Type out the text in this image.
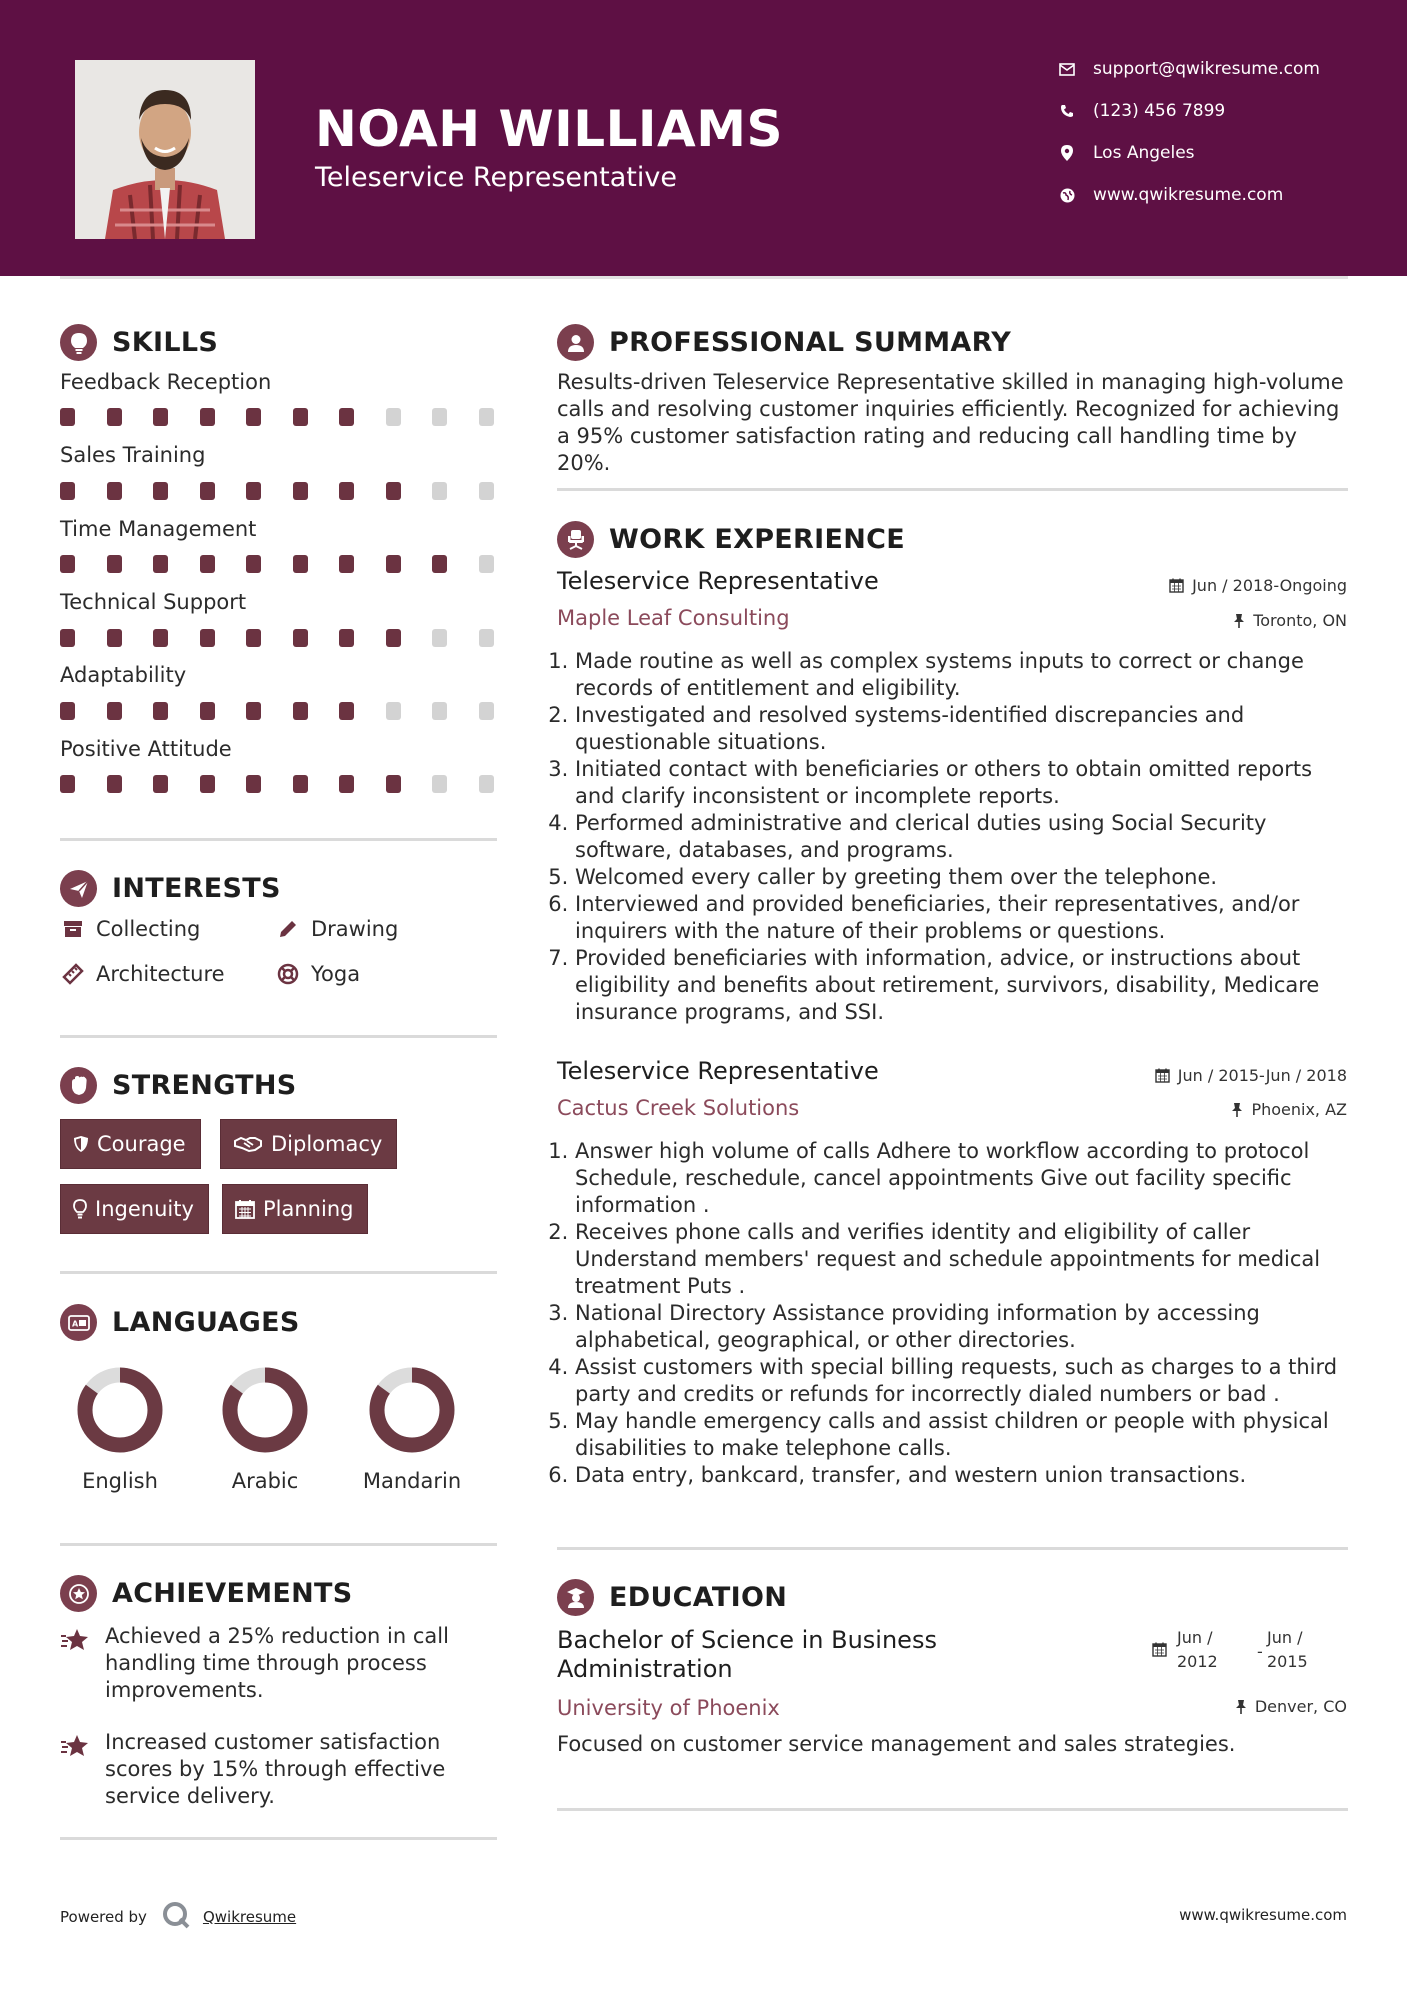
NOAH WILLIAMS
Teleservice Representative
support@qwikresume.com
(123) 456 7899
Los Angeles
www.qwikresume.com
SKILLS
Feedback Reception
Sales Training
Time Management
Technical Support
Adaptability
Positive Attitude
INTERESTS
Collecting	Drawing
Architecture	Yoga
STRENGTHS
Courage	Diplomacy
Ingenuity	Planning
A LANGUAGES
English	Arabic	Mandarin
ACHIEVEMENTS
Achieved a 25% reduction in call handling time through process improvements.
Increased customer satisfaction scores by 15% through effective service delivery.
PROFESSIONAL SUMMARY
Results-driven Teleservice Representative skilled in managing high-volume calls and resolving customer inquiries efficiently. Recognized for achieving a 95% customer satisfaction rating and reducing call handling time by 20%.
WORK EXPERIENCE
Teleservice Representative	Jun / 2018-Ongoing
Maple Leaf Consulting	Toronto, ON
1. Made routine as well as complex systems inputs to correct or change records of entitlement and eligibility.
2. Investigated and resolved systems-identified discrepancies and questionable situations.
3. Initiated contact with beneficiaries or others to obtain omitted reports and clarify inconsistent or incomplete reports.
4. Performed administrative and clerical duties using Social Security software, databases, and programs.
5. Welcomed every caller by greeting them over the telephone.
6. Interviewed and provided beneficiaries, their representatives, and/or inquirers with the nature of their problems or questions.
7. Provided beneficiaries with information, advice, or instructions about eligibility and benefits about retirement, survivors, disability, Medicare insurance programs, and SSI.
Teleservice Representative	Jun / 2015-Jun / 2018
Cactus Creek Solutions	Phoenix, AZ
1. Answer high volume of calls Adhere to workflow according to protocol Schedule, reschedule, cancel appointments Give out facility specific information .
2. Receives phone calls and verifies identity and eligibility of caller Understand members' request and schedule appointments for medical treatment Puts .
3. National Directory Assistance providing information by accessing alphabetical, geographical, or other directories.
4. Assist customers with special billing requests, such as charges to a third party and credits or refunds for incorrectly dialed numbers or bad .
5. May handle emergency calls and assist children or people with physical disabilities to make telephone calls.
6. Data entry, bankcard, transfer, and western union transactions.
EDUCATION
Bachelor of Science in Business
Administration
Jun /
2012
-
Jun /
2015
University of Phoenix	Denver, CO
Focused on customer service management and sales strategies.
Powered by	Qwikresume	www.qwikresume.com
